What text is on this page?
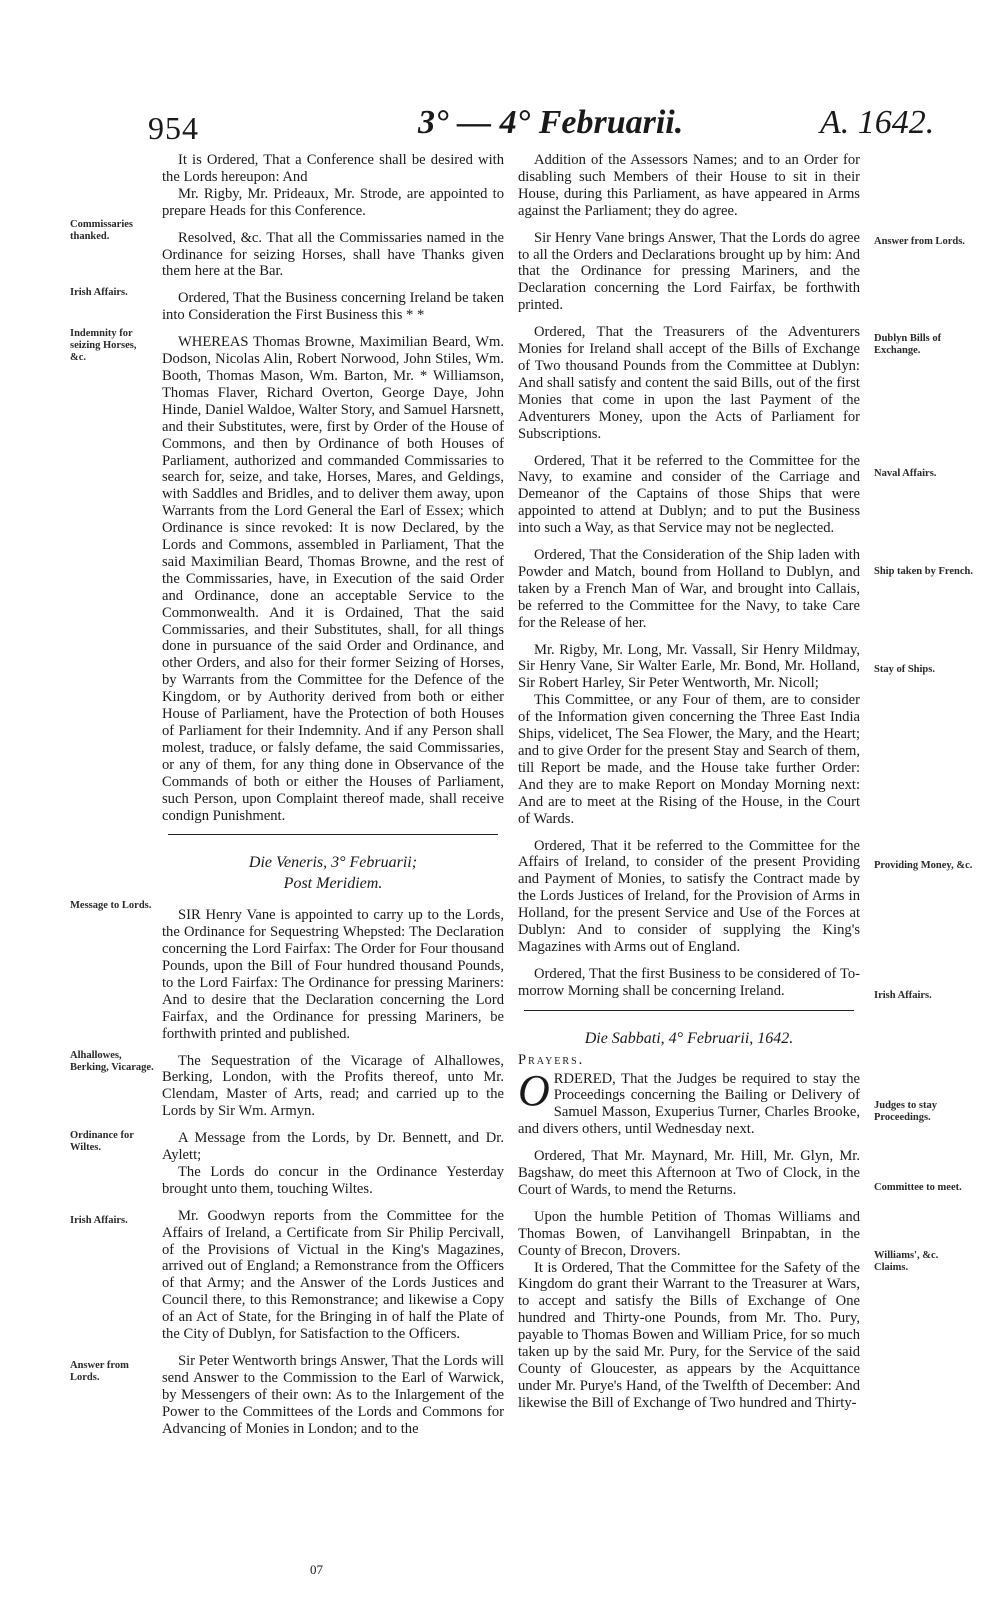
954	3° — 4° Februarii.	A. 1642.

It is Ordered, That a Conference shall be desired with the Lords hereupon: And

Mr. Rigby, Mr. Prideaux, Mr. Strode, are appointed to prepare Heads for this Conference.

Resolved, &c. That all the Commissaries named in the Ordinance for seizing Horses, shall have Thanks given them here at the Bar.

Ordered, That the Business concerning Ireland be taken into Consideration the First Business this * *

WHEREAS Thomas Browne, Maximilian Beard, Wm. Dodson, Nicolas Alin, Robert Norwood, John Stiles, Wm. Booth, Thomas Mason, Wm. Barton, Mr. * Williamson, Thomas Flaver, Richard Overton, George Daye, John Hinde, Daniel Waldoe, Walter Story, and Samuel Harsnett, and their Substitutes, were, first by Order of the House of Commons, and then by Ordinance of both Houses of Parliament, authorized and commanded Commissaries to search for, seize, and take, Horses, Mares, and Geldings, with Saddles and Bridles, and to deliver them away, upon Warrants from the Lord General the Earl of Essex; which Ordinance is since revoked: It is now Declared, by the Lords and Commons, assembled in Parliament, That the said Maximilian Beard, Thomas Browne, and the rest of the Commissaries, have, in Execution of the said Order and Ordinance, done an acceptable Service to the Commonwealth. And it is Ordained, That the said Commissaries, and their Substitutes, shall, for all things done in pursuance of the said Order and Ordinance, and other Orders, and also for their former Seizing of Horses, by Warrants from the Committee for the Defence of the Kingdom, or by Authority derived from both or either House of Parliament, have the Protection of both Houses of Parliament for their Indemnity. And if any Person shall molest, traduce, or falsly defame, the said Commissaries, or any of them, for any thing done in Observance of the Commands of both or either the Houses of Parliament, such Person, upon Complaint thereof made, shall receive condign Punishment.

Die Veneris, 3° Februarii;

Post Meridiem.

SIR Henry Vane is appointed to carry up to the Lords, the Ordinance for Sequestring Whepsted: The Declaration concerning the Lord Fairfax: The Order for Four thousand Pounds, upon the Bill of Four hundred thousand Pounds, to the Lord Fairfax: The Ordinance for pressing Mariners: And to desire that the Declaration concerning the Lord Fairfax, and the Ordinance for pressing Mariners, be forthwith printed and published.

The Sequestration of the Vicarage of Alhallowes, Berking, London, with the Profits thereof, unto Mr. Clendam, Master of Arts, read; and carried up to the Lords by Sir Wm. Armyn.

A Message from the Lords, by Dr. Bennett, and Dr. Aylett;

The Lords do concur in the Ordinance Yesterday brought unto them, touching Wiltes.

Mr. Goodwyn reports from the Committee for the Affairs of Ireland, a Certificate from Sir Philip Percivall, of the Provisions of Victual in the King's Magazines, arrived out of England; a Remonstrance from the Officers of that Army; and the Answer of the Lords Justices and Council there, to this Remonstrance; and likewise a Copy of an Act of State, for the Bringing in of half the Plate of the City of Dublyn, for Satisfaction to the Officers.

Sir Peter Wentworth brings Answer, That the Lords will send Answer to the Commission to the Earl of Warwick, by Messengers of their own: As to the Inlargement of the Power to the Committees of the Lords and Commons for Advancing of Monies in London; and to the

Addition of the Assessors Names; and to an Order for disabling such Members of their House to sit in their House, during this Parliament, as have appeared in Arms against the Parliament; they do agree.

Sir Henry Vane brings Answer, That the Lords do agree to all the Orders and Declarations brought up by him: And that the Ordinance for pressing Mariners, and the Declaration concerning the Lord Fairfax, be forthwith printed.

Ordered, That the Treasurers of the Adventurers Monies for Ireland shall accept of the Bills of Exchange of Two thousand Pounds from the Committee at Dublyn: And shall satisfy and content the said Bills, out of the first Monies that come in upon the last Payment of the Adventurers Money, upon the Acts of Parliament for Subscriptions.

Ordered, That it be referred to the Committee for the Navy, to examine and consider of the Carriage and Demeanor of the Captains of those Ships that were appointed to attend at Dublyn; and to put the Business into such a Way, as that Service may not be neglected.

Ordered, That the Consideration of the Ship laden with Powder and Match, bound from Holland to Dublyn, and taken by a French Man of War, and brought into Callais, be referred to the Committee for the Navy, to take Care for the Release of her.

Mr. Rigby, Mr. Long, Mr. Vassall, Sir Henry Mildmay, Sir Henry Vane, Sir Walter Earle, Mr. Bond, Mr. Holland, Sir Robert Harley, Sir Peter Wentworth, Mr. Nicoll;

This Committee, or any Four of them, are to consider of the Information given concerning the Three East India Ships, videlicet, The Sea Flower, the Mary, and the Heart; and to give Order for the present Stay and Search of them, till Report be made, and the House take further Order: And they are to make Report on Monday Morning next: And are to meet at the Rising of the House, in the Court of Wards.

Ordered, That it be referred to the Committee for the Affairs of Ireland, to consider of the present Providing and Payment of Monies, to satisfy the Contract made by the Lords Justices of Ireland, for the Provision of Arms in Holland, for the present Service and Use of the Forces at Dublyn: And to consider of supplying the King's Magazines with Arms out of England.

Ordered, That the first Business to be considered of To-morrow Morning shall be concerning Ireland.

Die Sabbati, 4° Februarii, 1642.

Prayers.

ORDERED, That the Judges be required to stay the Proceedings concerning the Bailing or Delivery of Samuel Masson, Exuperius Turner, Charles Brooke, and divers others, until Wednesday next.

Ordered, That Mr. Maynard, Mr. Hill, Mr. Glyn, Mr. Bagshaw, do meet this Afternoon at Two of Clock, in the Court of Wards, to mend the Returns.

Upon the humble Petition of Thomas Williams and Thomas Bowen, of Lanvihangell Brinpabtan, in the County of Brecon, Drovers.

It is Ordered, That the Committee for the Safety of the Kingdom do grant their Warrant to the Treasurer at Wars, to accept and satisfy the Bills of Exchange of One hundred and Thirty-one Pounds, from Mr. Tho. Pury, payable to Thomas Bowen and William Price, for so much taken up by the said Mr. Pury, for the Service of the said County of Gloucester, as appears by the Acquittance under Mr. Purye's Hand, of the Twelfth of December: And likewise the Bill of Exchange of Two hundred and Thirty-

Commissaries thanked.
Irish Affairs.
Indemnity for seizing Horses, &c.
Message to Lords.
Alhallowes, Berking, Vicarage.
Ordinance for Wiltes.
Irish Affairs.
Answer from Lords.
Answer from Lords.
Dublyn Bills of Exchange.
Naval Affairs.
Ship taken by French.
Stay of Ships.
Providing Money, &c.
Irish Affairs.
Judges to stay Proceedings.
Committee to meet.
Williams', &c. Claims.
07
